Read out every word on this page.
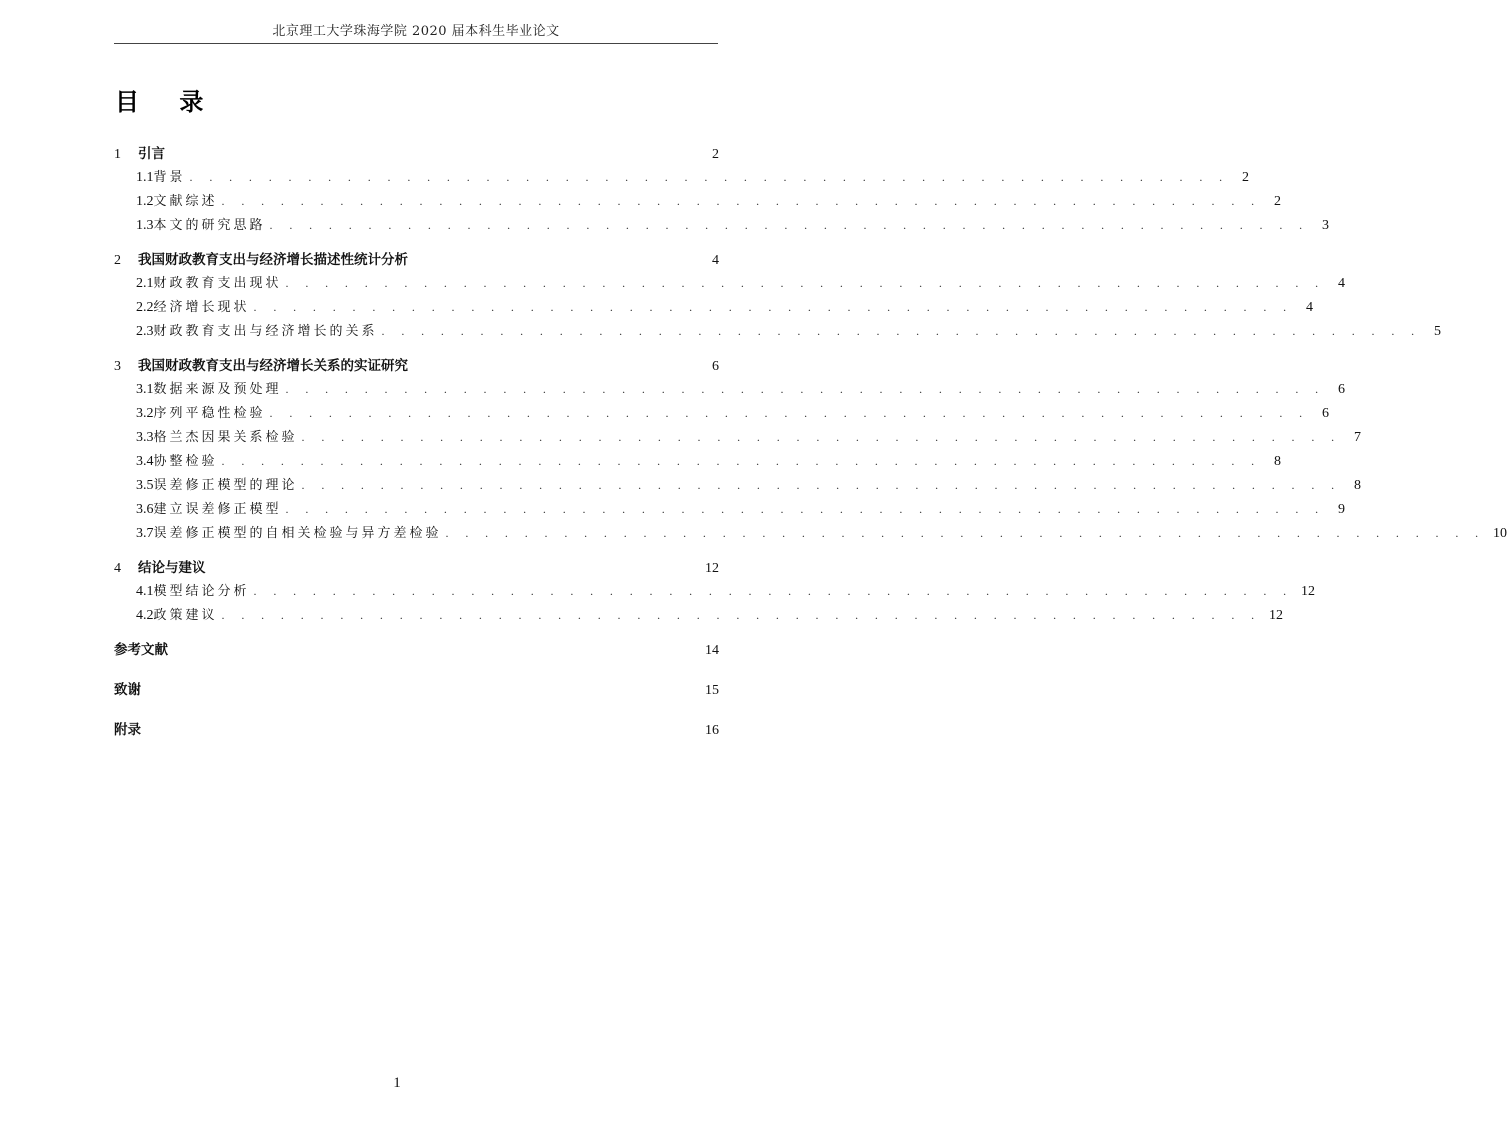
北京理工大学珠海学院 2020 届本科生毕业论文
目 录
1	引言	2
1.1 背景 . . . . . . . . . . . . . . . . . . . . . . . . . . . . . . . . . . . . . . . . . . . . . . . . . . . . . 2
1.2 文献综述 . . . . . . . . . . . . . . . . . . . . . . . . . . . . . . . . . . . . . . . . . . . . . . . . . . . . . 2
1.3 本文的研究思路 . . . . . . . . . . . . . . . . . . . . . . . . . . . . . . . . . . . . . . . . . . . . . . . . . . . . . 3
2	我国财政教育支出与经济增长描述性统计分析	4
2.1 财政教育支出现状 . . . . . . . . . . . . . . . . . . . . . . . . . . . . . . . . . . . . . . . . . . . . . . . . . . . . . 4
2.2 经济增长现状 . . . . . . . . . . . . . . . . . . . . . . . . . . . . . . . . . . . . . . . . . . . . . . . . . . . . . 4
2.3 财政教育支出与经济增长的关系 . . . . . . . . . . . . . . . . . . . . . . . . . . . . . . . . . . . . . . . . . . . . . . . . . . . . . 5
3	我国财政教育支出与经济增长关系的实证研究	6
3.1 数据来源及预处理 . . . . . . . . . . . . . . . . . . . . . . . . . . . . . . . . . . . . . . . . . . . . . . . . . . . . . 6
3.2 序列平稳性检验 . . . . . . . . . . . . . . . . . . . . . . . . . . . . . . . . . . . . . . . . . . . . . . . . . . . . . 6
3.3 格兰杰因果关系检验 . . . . . . . . . . . . . . . . . . . . . . . . . . . . . . . . . . . . . . . . . . . . . . . . . . . . . 7
3.4 协整检验 . . . . . . . . . . . . . . . . . . . . . . . . . . . . . . . . . . . . . . . . . . . . . . . . . . . . . 8
3.5 误差修正模型的理论 . . . . . . . . . . . . . . . . . . . . . . . . . . . . . . . . . . . . . . . . . . . . . . . . . . . . . 8
3.6 建立误差修正模型 . . . . . . . . . . . . . . . . . . . . . . . . . . . . . . . . . . . . . . . . . . . . . . . . . . . . . 9
3.7 误差修正模型的自相关检验与异方差检验 . . . . . . . . . . . . . . . . . . . . . . . . . . . . . . . . . . . . . . . . . . . . . . . . . . . . . 10
4	结论与建议	12
4.1 模型结论分析 . . . . . . . . . . . . . . . . . . . . . . . . . . . . . . . . . . . . . . . . . . . . . . . . . . . . . 12
4.2 政策建议 . . . . . . . . . . . . . . . . . . . . . . . . . . . . . . . . . . . . . . . . . . . . . . . . . . . . . 12
参考文献	14
致谢	15
附录	16
1
